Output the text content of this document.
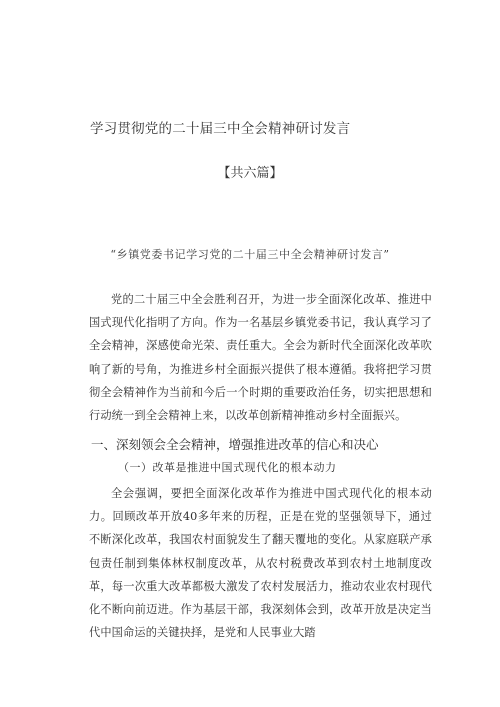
学习贯彻党的二十届三中全会精神研讨发言
【共六篇】
“乡镇党委书记学习党的二十届三中全会精神研讨发言”

党的二十届三中全会胜利召开，为进一步全面深化改革、推进中国式现代化指明了方向。作为一名基层乡镇党委书记，我认真学习了全会精神，深感使命光荣、责任重大。全会为新时代全面深化改革吹响了新的号角，为推进乡村全面振兴提供了根本遵循。我将把学习贯彻全会精神作为当前和今后一个时期的重要政治任务，切实把思想和行动统一到全会精神上来，以改革创新精神推动乡村全面振兴。

一、深刻领会全会精神，增强推进改革的信心和决心
（一）改革是推进中国式现代化的根本动力

全会强调，要把全面深化改革作为推进中国式现代化的根本动力。回顾改革开放40多年来的历程，正是在党的坚强领导下，通过不断深化改革，我国农村面貌发生了翻天覆地的变化。从家庭联产承包责任制到集体林权制度改革，从农村税费改革到农村土地制度改革，每一次重大改革都极大激发了农村发展活力，推动农业农村现代化不断向前迈进。作为基层干部，我深刻体会到，改革开放是决定当代中国命运的关键抉择，是党和人民事业大踏
